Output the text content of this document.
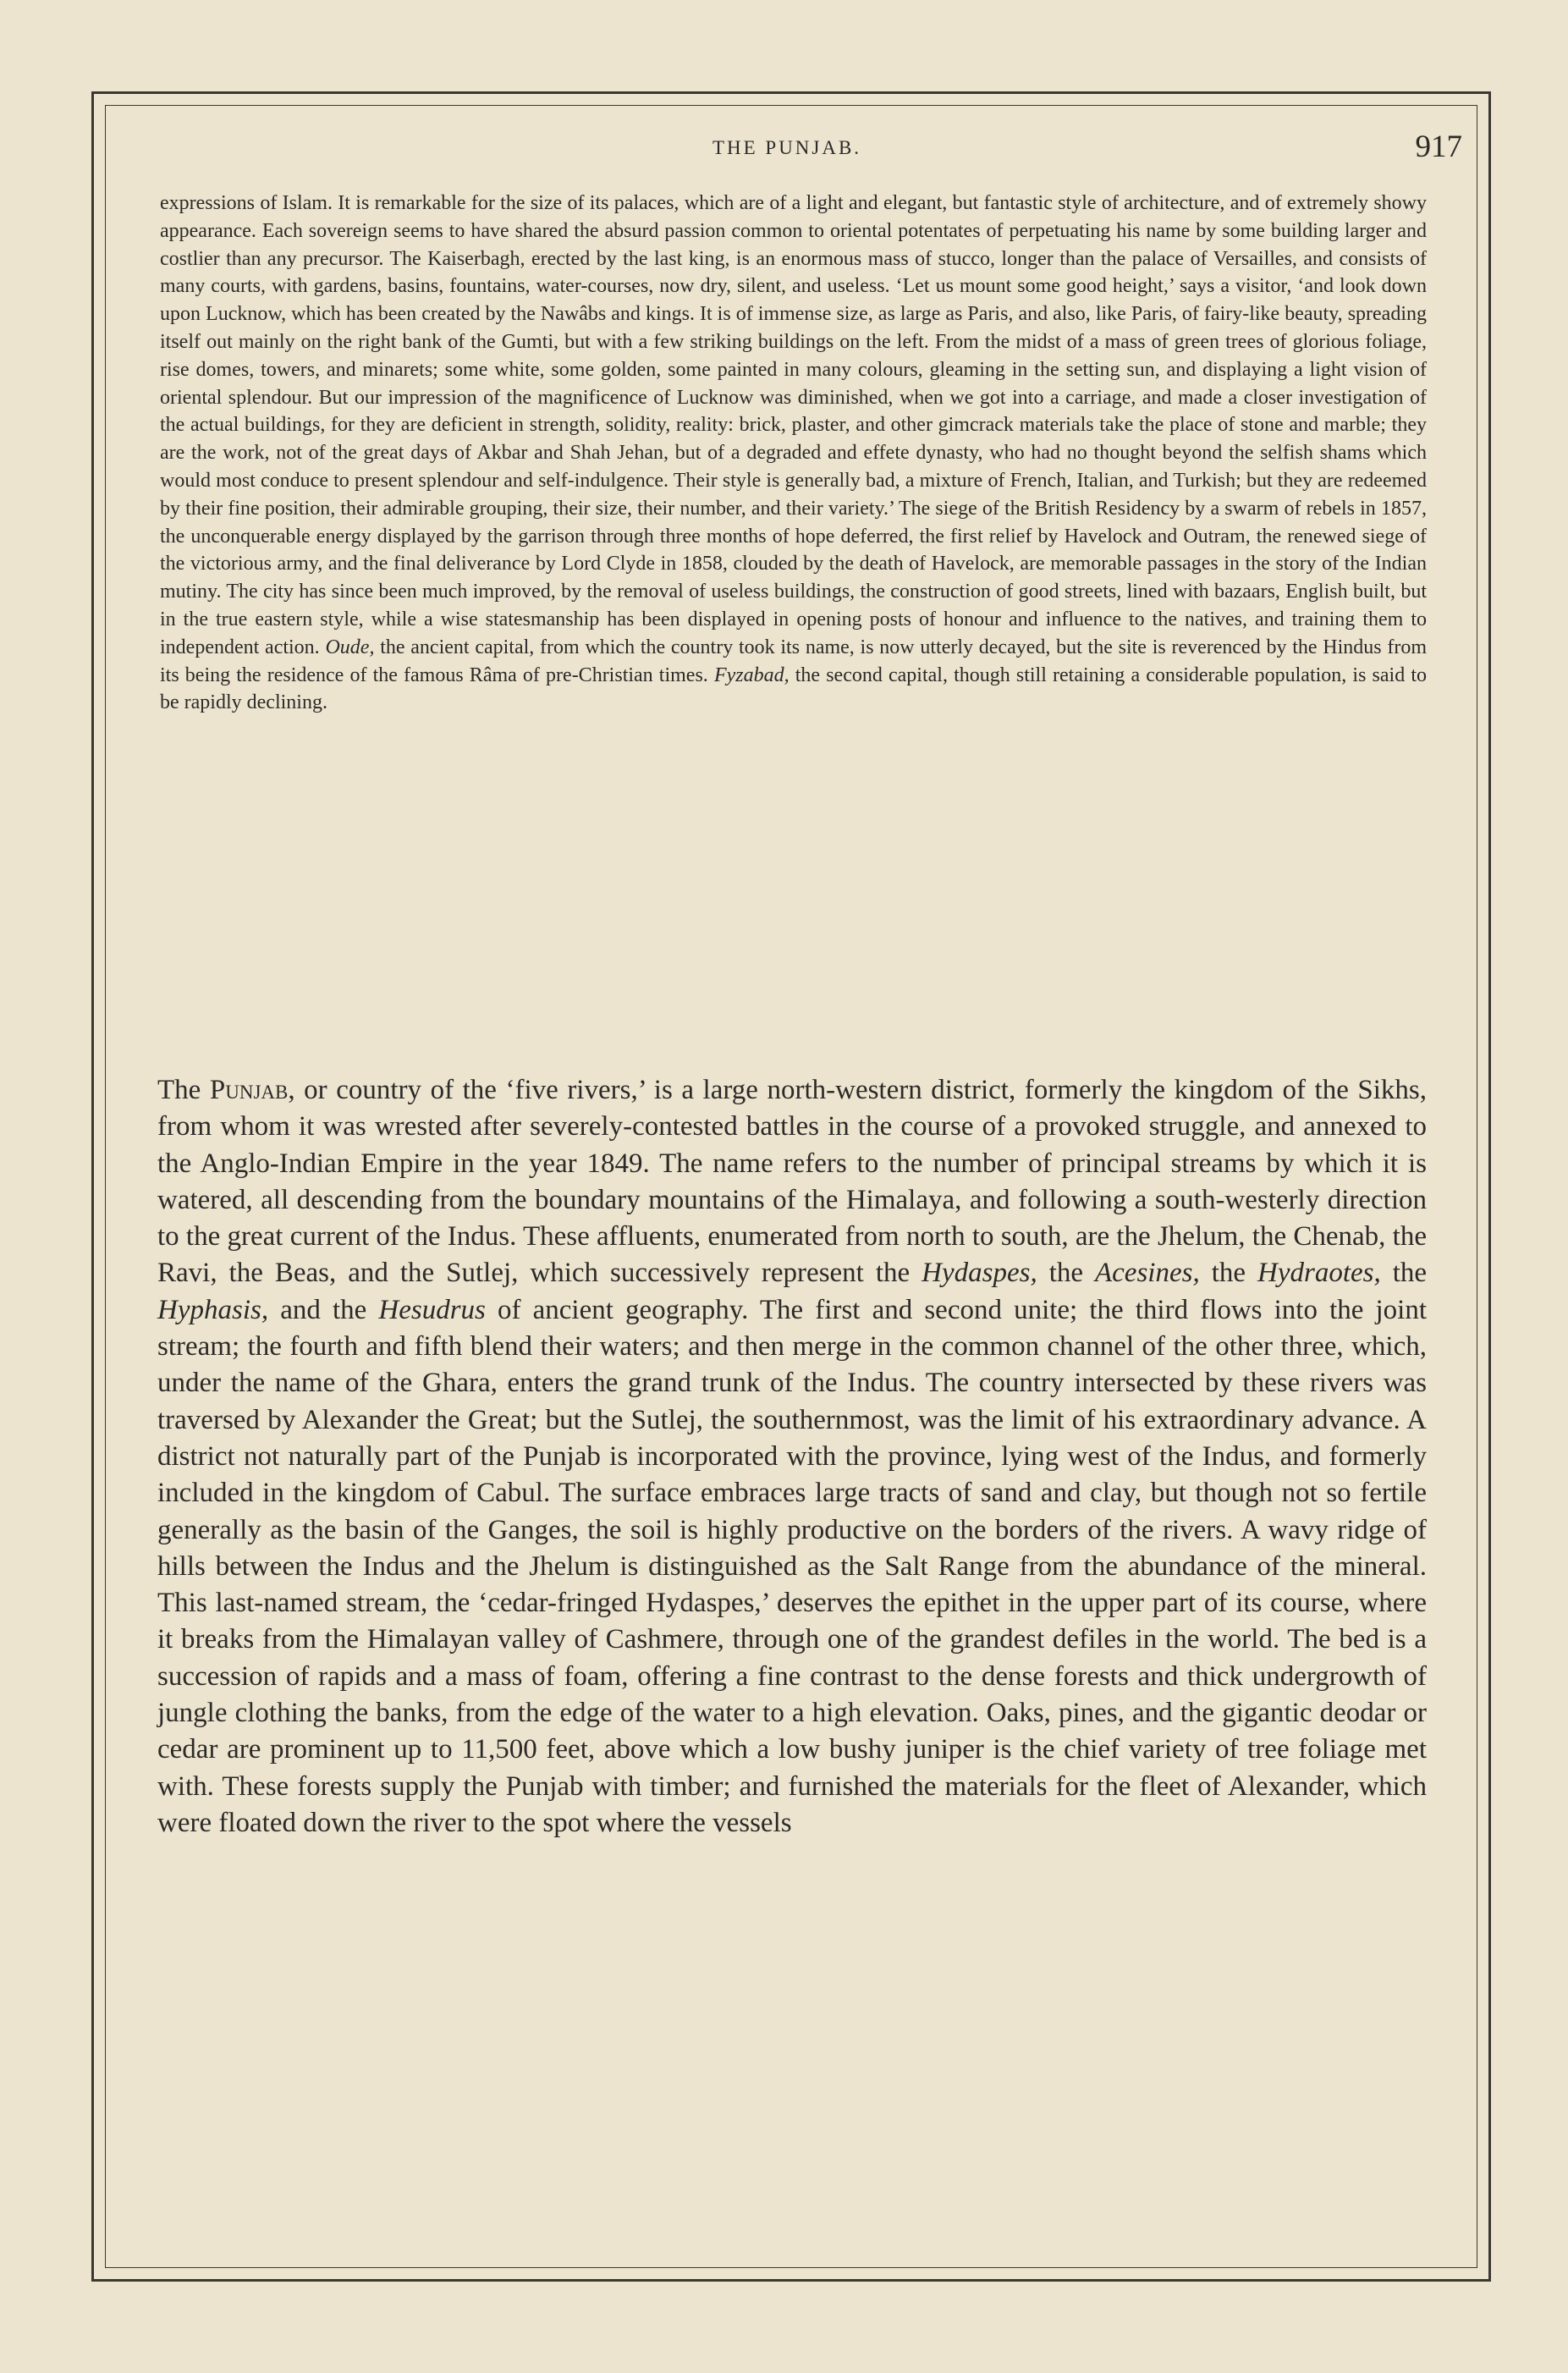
THE PUNJAB.	917

expressions of Islam. It is remarkable for the size of its palaces, which are of a light and elegant, but fantastic style of architecture, and of extremely showy appearance. Each sovereign seems to have shared the absurd passion common to oriental potentates of perpetuating his name by some building larger and costlier than any precursor. The Kaiserbagh, erected by the last king, is an enormous mass of stucco, longer than the palace of Versailles, and consists of many courts, with gardens, basins, fountains, water-courses, now dry, silent, and useless. ‘Let us mount some good height,’ says a visitor, ‘and look down upon Lucknow, which has been created by the Nawâbs and kings. It is of immense size, as large as Paris, and also, like Paris, of fairy-like beauty, spreading itself out mainly on the right bank of the Gumti, but with a few striking buildings on the left. From the midst of a mass of green trees of glorious foliage, rise domes, towers, and minarets; some white, some golden, some painted in many colours, gleaming in the setting sun, and displaying a light vision of oriental splendour. But our impression of the magnificence of Lucknow was diminished, when we got into a carriage, and made a closer investigation of the actual buildings, for they are deficient in strength, solidity, reality: brick, plaster, and other gimcrack materials take the place of stone and marble; they are the work, not of the great days of Akbar and Shah Jehan, but of a degraded and effete dynasty, who had no thought beyond the selfish shams which would most conduce to present splendour and self-indulgence. Their style is generally bad, a mixture of French, Italian, and Turkish; but they are redeemed by their fine position, their admirable grouping, their size, their number, and their variety.’ The siege of the British Residency by a swarm of rebels in 1857, the unconquerable energy displayed by the garrison through three months of hope deferred, the first relief by Havelock and Outram, the renewed siege of the victorious army, and the final deliverance by Lord Clyde in 1858, clouded by the death of Havelock, are memorable passages in the story of the Indian mutiny. The city has since been much improved, by the removal of useless buildings, the construction of good streets, lined with bazaars, English built, but in the true eastern style, while a wise statesmanship has been displayed in opening posts of honour and influence to the natives, and training them to independent action. Oude, the ancient capital, from which the country took its name, is now utterly decayed, but the site is reverenced by the Hindus from its being the residence of the famous Râma of pre-Christian times. Fyzabad, the second capital, though still retaining a considerable population, is said to be rapidly declining.

The Punjab, or country of the ‘five rivers,’ is a large north-western district, formerly the kingdom of the Sikhs, from whom it was wrested after severely-contested battles in the course of a provoked struggle, and annexed to the Anglo-Indian Empire in the year 1849. The name refers to the number of principal streams by which it is watered, all descending from the boundary mountains of the Himalaya, and following a south-westerly direction to the great current of the Indus. These affluents, enumerated from north to south, are the Jhelum, the Chenab, the Ravi, the Beas, and the Sutlej, which successively represent the Hydaspes, the Acesines, the Hydraotes, the Hyphasis, and the Hesudrus of ancient geography. The first and second unite; the third flows into the joint stream; the fourth and fifth blend their waters; and then merge in the common channel of the other three, which, under the name of the Ghara, enters the grand trunk of the Indus. The country intersected by these rivers was traversed by Alexander the Great; but the Sutlej, the southernmost, was the limit of his extraordinary advance. A district not naturally part of the Punjab is incorporated with the province, lying west of the Indus, and formerly included in the kingdom of Cabul. The surface embraces large tracts of sand and clay, but though not so fertile generally as the basin of the Ganges, the soil is highly productive on the borders of the rivers. A wavy ridge of hills between the Indus and the Jhelum is distinguished as the Salt Range from the abundance of the mineral. This last-named stream, the ‘cedar-fringed Hydaspes,’ deserves the epithet in the upper part of its course, where it breaks from the Himalayan valley of Cashmere, through one of the grandest defiles in the world. The bed is a succession of rapids and a mass of foam, offering a fine contrast to the dense forests and thick undergrowth of jungle clothing the banks, from the edge of the water to a high elevation. Oaks, pines, and the gigantic deodar or cedar are prominent up to 11,500 feet, above which a low bushy juniper is the chief variety of tree foliage met with. These forests supply the Punjab with timber; and furnished the materials for the fleet of Alexander, which were floated down the river to the spot where the vessels
